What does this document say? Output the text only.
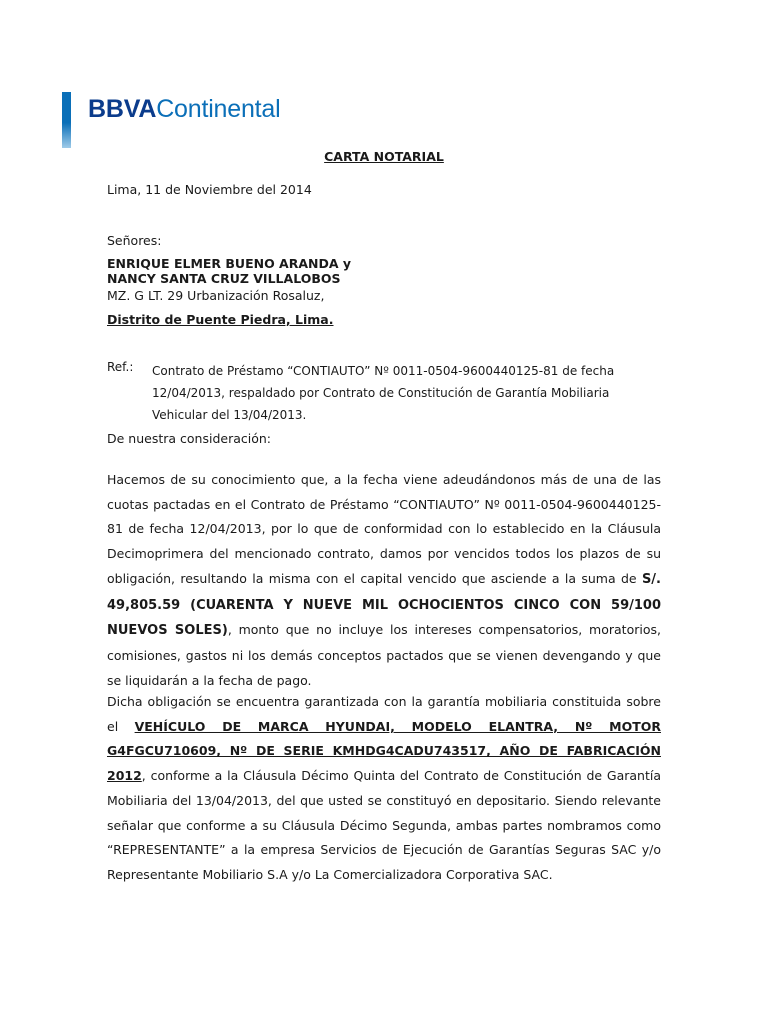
BBVAContinental
CARTA NOTARIAL
Lima, 11 de Noviembre del 2014
Señores:
ENRIQUE ELMER BUENO ARANDA y
NANCY SANTA CRUZ VILLALOBOS
MZ. G LT. 29 Urbanización Rosaluz,
Distrito de Puente Piedra, Lima.
Ref.: Contrato de Préstamo “CONTIAUTO” Nº 0011-0504-9600440125-81 de fecha 12/04/2013, respaldado por Contrato de Constitución de Garantía Mobiliaria Vehicular del 13/04/2013.
De nuestra consideración:

Hacemos de su conocimiento que, a la fecha viene adeudándonos más de una de las cuotas pactadas en el Contrato de Préstamo “CONTIAUTO” Nº 0011-0504-9600440125-81 de fecha 12/04/2013, por lo que de conformidad con lo establecido en la Cláusula Decimoprimera del mencionado contrato, damos por vencidos todos los plazos de su obligación, resultando la misma con el capital vencido que asciende a la suma de S/. 49,805.59 (CUARENTA Y NUEVE MIL OCHOCIENTOS CINCO CON 59/100 NUEVOS SOLES), monto que no incluye los intereses compensatorios, moratorios, comisiones, gastos ni los demás conceptos pactados que se vienen devengando y que se liquidarán a la fecha de pago.

Dicha obligación se encuentra garantizada con la garantía mobiliaria constituida sobre el VEHÍCULO DE MARCA HYUNDAI, MODELO ELANTRA, Nº MOTOR G4FGCU710609, Nº DE SERIE KMHDG4CADU743517, AÑO DE FABRICACIÓN 2012, conforme a la Cláusula Décimo Quinta del Contrato de Constitución de Garantía Mobiliaria del 13/04/2013, del que usted se constituyó en depositario. Siendo relevante señalar que conforme a su Cláusula Décimo Segunda, ambas partes nombramos como “REPRESENTANTE” a la empresa Servicios de Ejecución de Garantías Seguras SAC y/o Representante Mobiliario S.A y/o La Comercializadora Corporativa SAC.
